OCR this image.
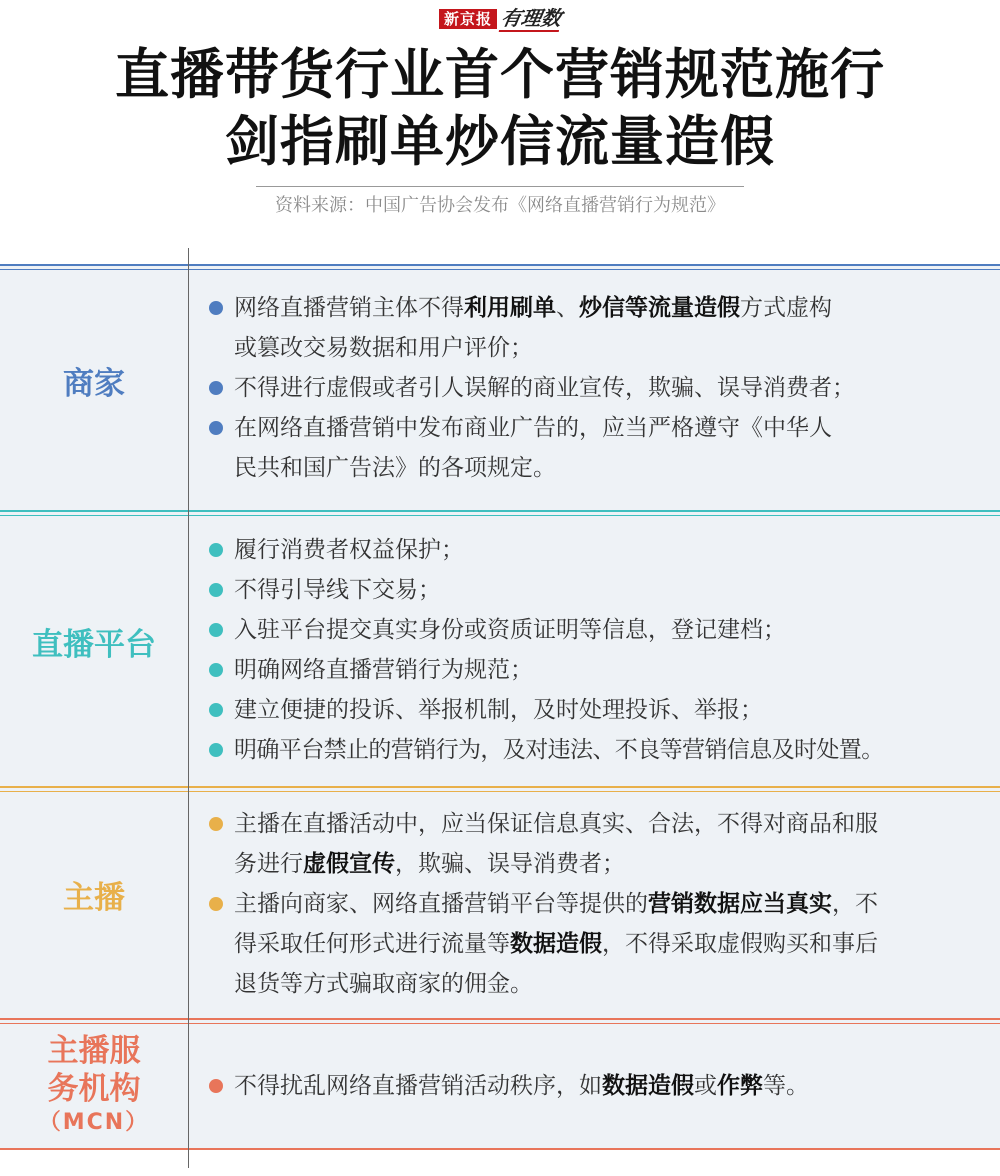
新京报 有理数
直播带货行业首个营销规范施行
剑指刷单炒信流量造假
资料来源：中国广告协会发布《网络直播营销行为规范》
商家
网络直播营销主体不得利用刷单、炒信等流量造假方式虚构
或篡改交易数据和用户评价；
不得进行虚假或者引人误解的商业宣传，欺骗、误导消费者；
在网络直播营销中发布商业广告的，应当严格遵守《中华人
民共和国广告法》的各项规定。
直播平台
履行消费者权益保护；
不得引导线下交易；
入驻平台提交真实身份或资质证明等信息，登记建档；
明确网络直播营销行为规范；
建立便捷的投诉、举报机制，及时处理投诉、举报；
明确平台禁止的营销行为，及对违法、不良等营销信息及时处置。
主播
主播在直播活动中，应当保证信息真实、合法，不得对商品和服
务进行虚假宣传，欺骗、误导消费者；
主播向商家、网络直播营销平台等提供的营销数据应当真实，不
得采取任何形式进行流量等数据造假，不得采取虚假购买和事后
退货等方式骗取商家的佣金。
主播服
务机构
（MCN）
不得扰乱网络直播营销活动秩序，如数据造假或作弊等。
